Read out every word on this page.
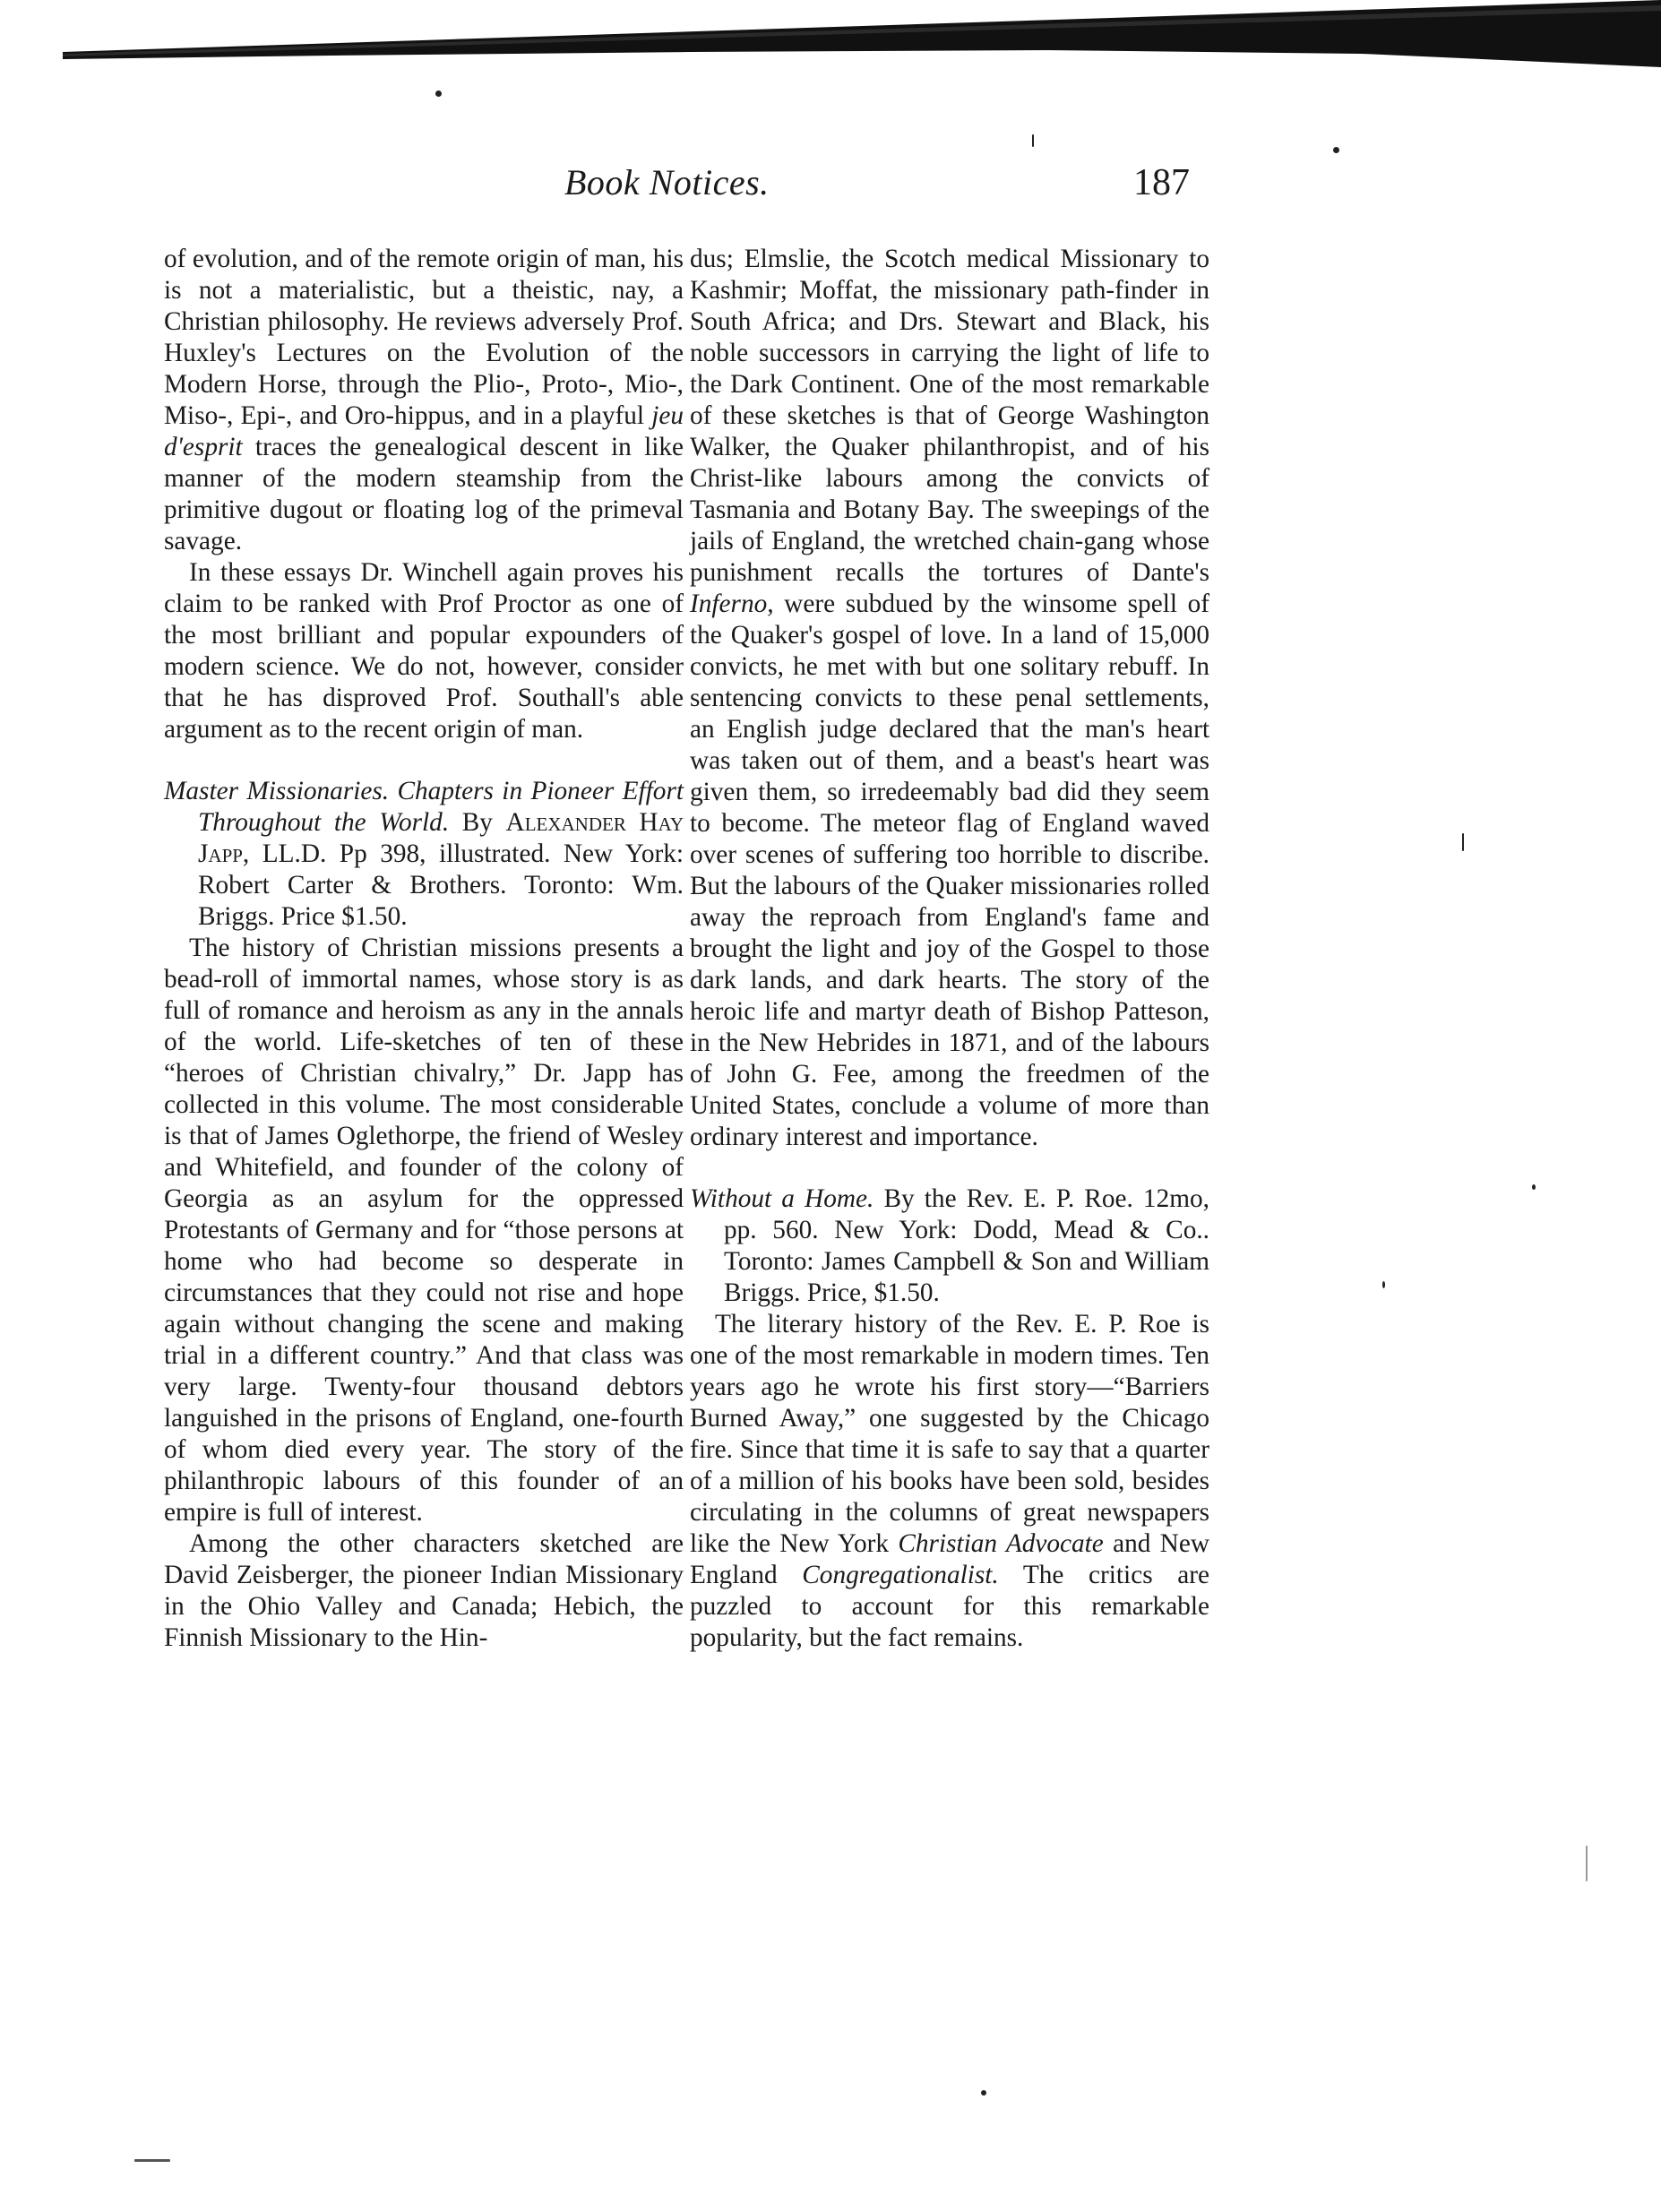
Book Notices.	187

of evolution, and of the remote origin of man, his is not a materialistic, but a theistic, nay, a Christian philosophy. He reviews adversely Prof. Huxley's Lectures on the Evolution of the Modern Horse, through the Plio-, Proto-, Mio-, Miso-, Epi-, and Oro-hippus, and in a playful jeu d'esprit traces the genealogical descent in like manner of the modern steamship from the primitive dugout or floating log of the primeval savage.

In these essays Dr. Winchell again proves his claim to be ranked with Prof Proctor as one of the most brilliant and popular expounders of modern science. We do not, however, consider that he has disproved Prof. Southall's able argument as to the recent origin of man.

Master Missionaries. Chapters in Pioneer Effort Throughout the World. By Alexander Hay Japp, LL.D. Pp 398, illustrated. New York: Robert Carter & Brothers. Toronto: Wm. Briggs. Price $1.50.

The history of Christian missions presents a bead-roll of immortal names, whose story is as full of romance and heroism as any in the annals of the world. Life-sketches of ten of these “heroes of Christian chivalry,” Dr. Japp has collected in this volume. The most considerable is that of James Oglethorpe, the friend of Wesley and Whitefield, and founder of the colony of Georgia as an asylum for the oppressed Protestants of Germany and for “those persons at home who had become so desperate in circumstances that they could not rise and hope again without changing the scene and making trial in a different country.” And that class was very large. Twenty-four thousand debtors languished in the prisons of England, one-fourth of whom died every year. The story of the philanthropic labours of this founder of an empire is full of interest.

Among the other characters sketched are David Zeisberger, the pioneer Indian Missionary in the Ohio Valley and Canada; Hebich, the Finnish Missionary to the Hin-

dus; Elmslie, the Scotch medical Missionary to Kashmir; Moffat, the missionary path-finder in South Africa; and Drs. Stewart and Black, his noble successors in carrying the light of life to the Dark Continent. One of the most remarkable of these sketches is that of George Washington Walker, the Quaker philanthropist, and of his Christ-like labours among the convicts of Tasmania and Botany Bay. The sweepings of the jails of England, the wretched chain-gang whose punishment recalls the tortures of Dante's Inferno, were subdued by the winsome spell of the Quaker's gospel of love. In a land of 15,000 convicts, he met with but one solitary rebuff. In sentencing convicts to these penal settlements, an English judge declared that the man's heart was taken out of them, and a beast's heart was given them, so irredeemably bad did they seem to become. The meteor flag of England waved over scenes of suffering too horrible to discribe. But the labours of the Quaker missionaries rolled away the reproach from England's fame and brought the light and joy of the Gospel to those dark lands, and dark hearts. The story of the heroic life and martyr death of Bishop Patteson, in the New Hebrides in 1871, and of the labours of John G. Fee, among the freedmen of the United States, conclude a volume of more than ordinary interest and importance.

Without a Home. By the Rev. E. P. Roe. 12mo, pp. 560. New York: Dodd, Mead & Co.. Toronto: James Campbell & Son and William Briggs. Price, $1.50.

The literary history of the Rev. E. P. Roe is one of the most remarkable in modern times. Ten years ago he wrote his first story—“Barriers Burned Away,” one suggested by the Chicago fire. Since that time it is safe to say that a quarter of a million of his books have been sold, besides circulating in the columns of great newspapers like the New York Christian Advocate and New England Congregationalist. The critics are puzzled to account for this remarkable popularity, but the fact remains.
